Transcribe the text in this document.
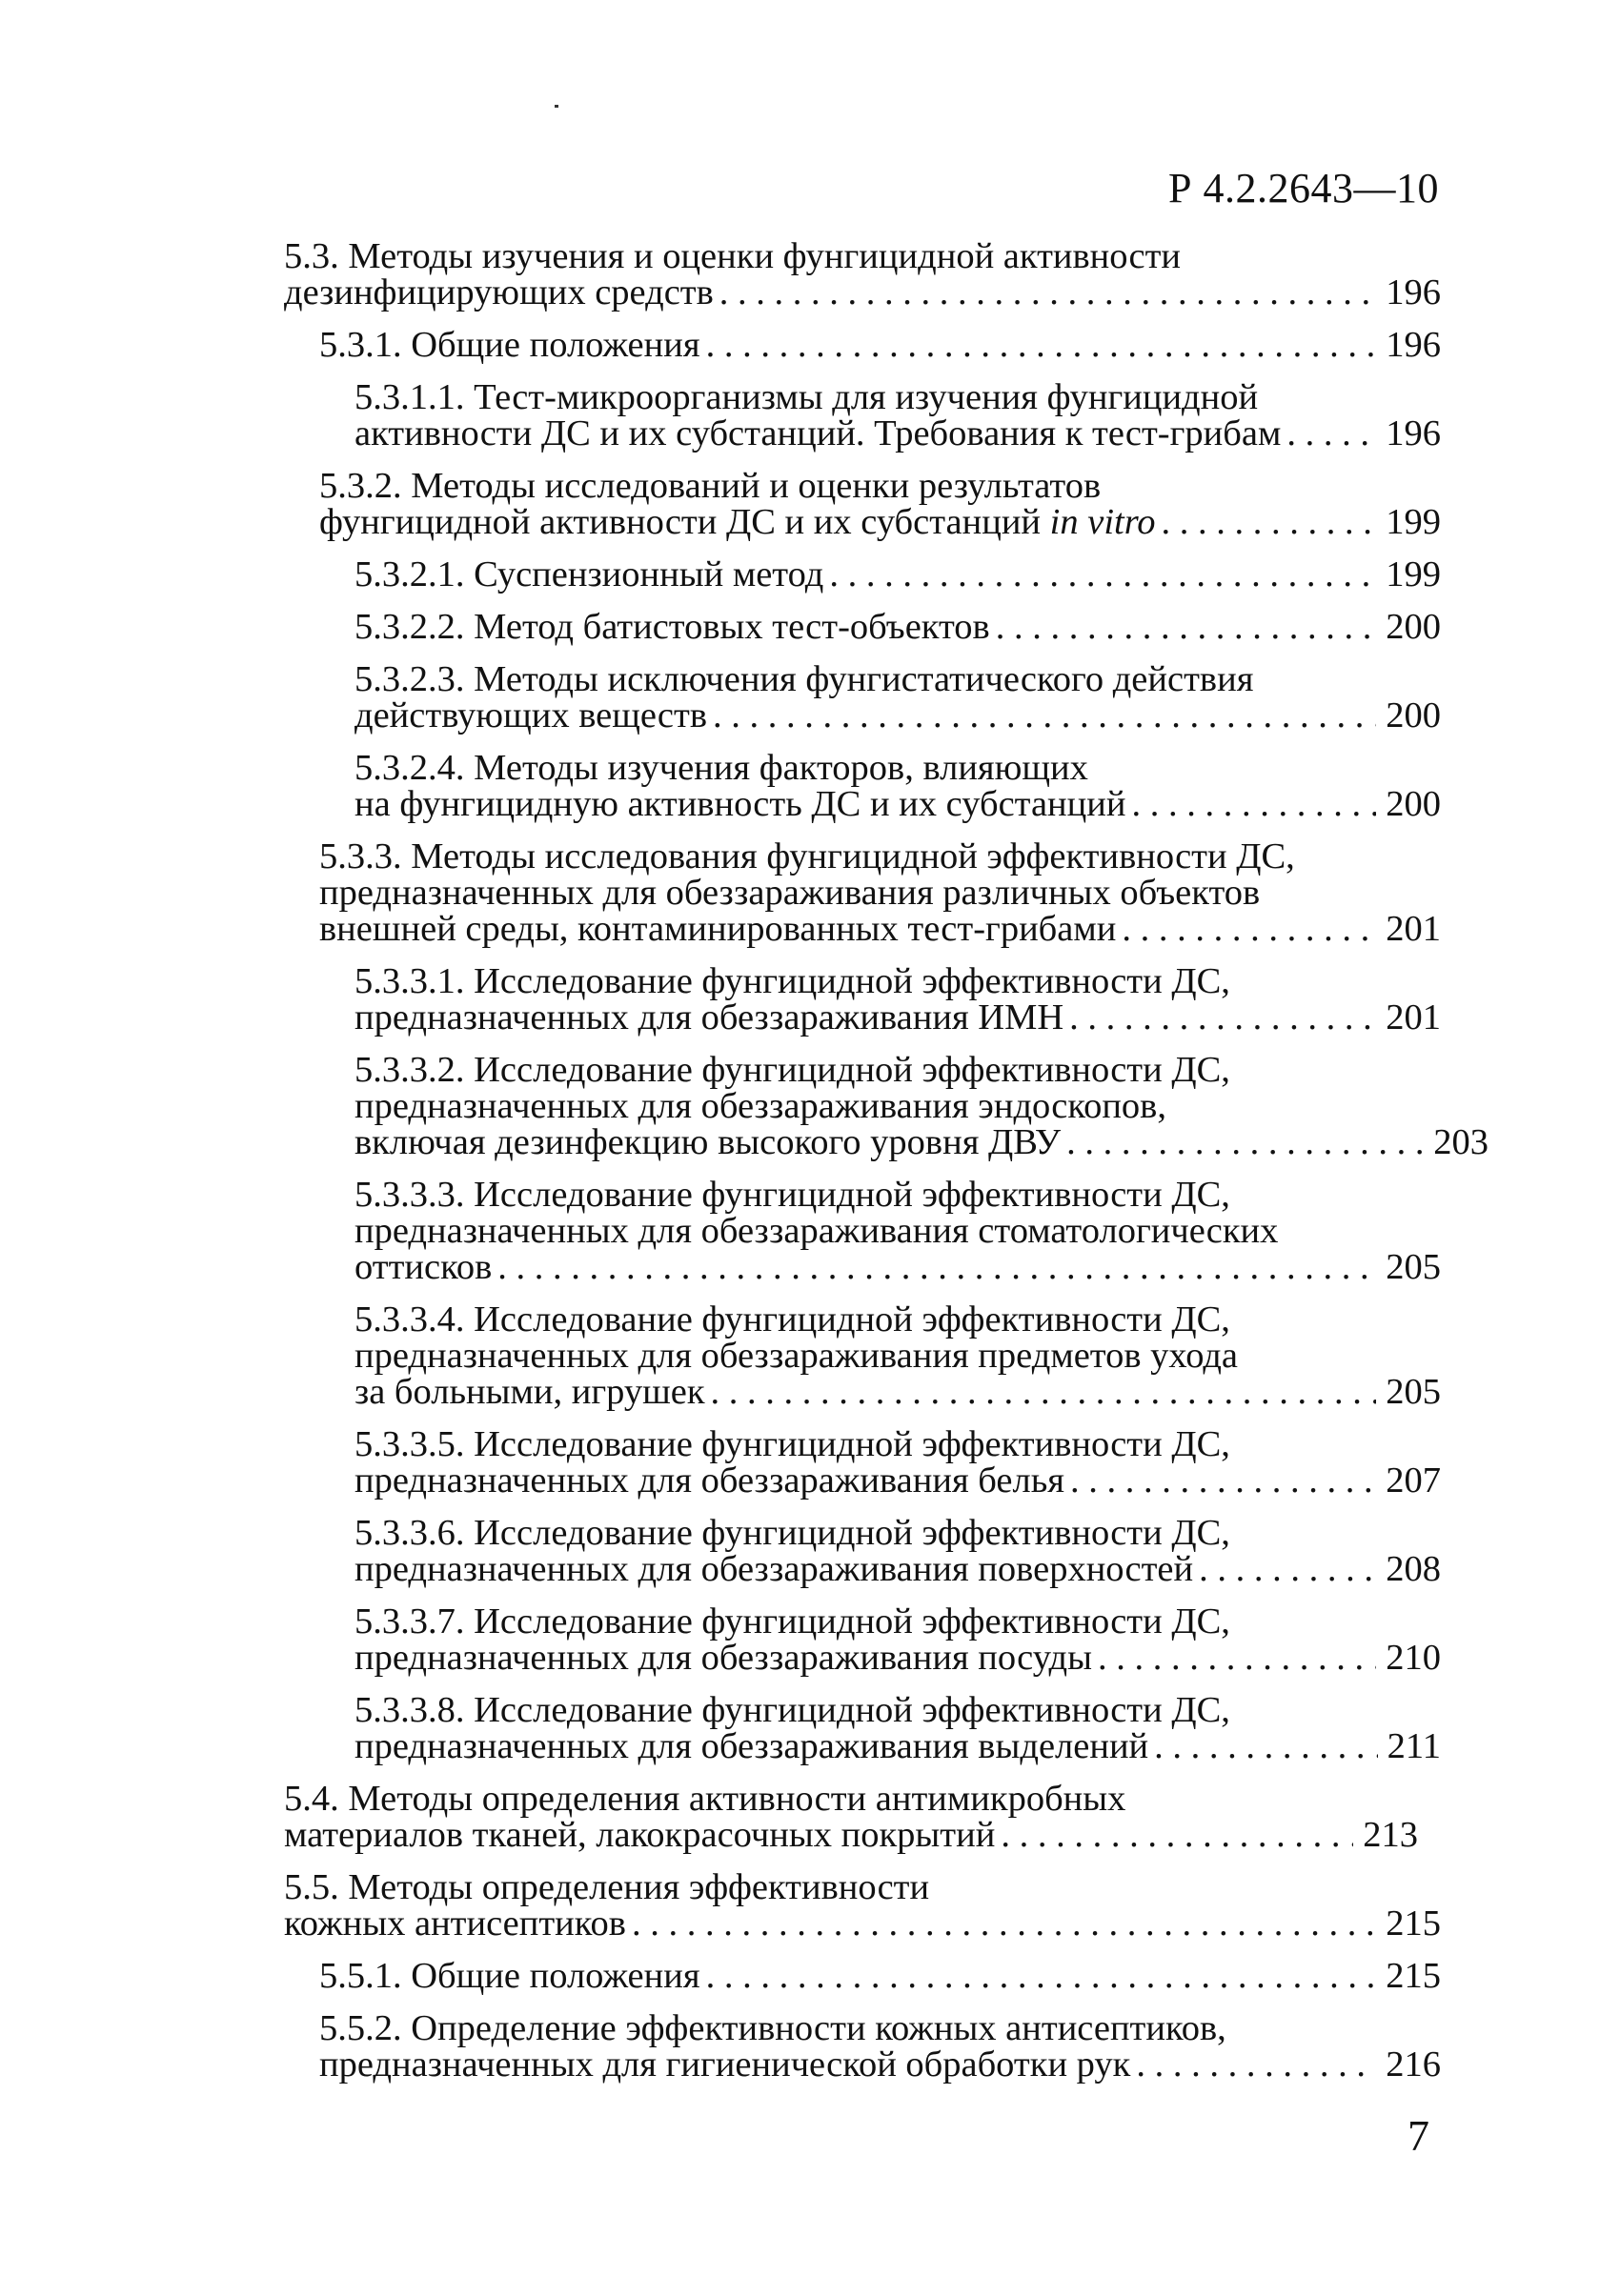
Р 4.2.2643—10
5.3. Методы изучения и оценки фунгицидной активности
дезинфицирующих средств . . .	196
5.3.1. Общие положения . . .	196
5.3.1.1. Тест-микроорганизмы для изучения фунгицидной
активности ДС и их субстанций. Требования к тест-грибам . . .	196
5.3.2. Методы исследований и оценки результатов
фунгицидной активности ДС и их субстанций in vitro . . .	199
5.3.2.1. Суспензионный метод . . .	199
5.3.2.2. Метод батистовых тест-объектов . . .	200
5.3.2.3. Методы исключения фунгистатического действия
действующих веществ . . .	200
5.3.2.4. Методы изучения факторов, влияющих
на фунгицидную активность ДС и их субстанций . . .	200
5.3.3. Методы исследования фунгицидной эффективности ДС,
предназначенных для обеззараживания различных объектов
внешней среды, контаминированных тест-грибами . . .	201
5.3.3.1. Исследование фунгицидной эффективности ДС,
предназначенных для обеззараживания ИМН . . .	201
5.3.3.2. Исследование фунгицидной эффективности ДС,
предназначенных для обеззараживания эндоскопов,
включая дезинфекцию высокого уровня ДВУ . . .	203
5.3.3.3. Исследование фунгицидной эффективности ДС,
предназначенных для обеззараживания стоматологических
оттисков . . .	205
5.3.3.4. Исследование фунгицидной эффективности ДС,
предназначенных для обеззараживания предметов ухода
за больными, игрушек . . .	205
5.3.3.5. Исследование фунгицидной эффективности ДС,
предназначенных для обеззараживания белья . . .	207
5.3.3.6. Исследование фунгицидной эффективности ДС,
предназначенных для обеззараживания поверхностей . . .	208
5.3.3.7. Исследование фунгицидной эффективности ДС,
предназначенных для обеззараживания посуды . . .	210
5.3.3.8. Исследование фунгицидной эффективности ДС,
предназначенных для обеззараживания выделений . . .	211
5.4. Методы определения активности антимикробных
материалов тканей, лакокрасочных покрытий . . .	213
5.5. Методы определения эффективности
кожных антисептиков . . .	215
5.5.1. Общие положения . . .	215
5.5.2. Определение эффективности кожных антисептиков,
предназначенных для гигиенической обработки рук . . .	216
7
